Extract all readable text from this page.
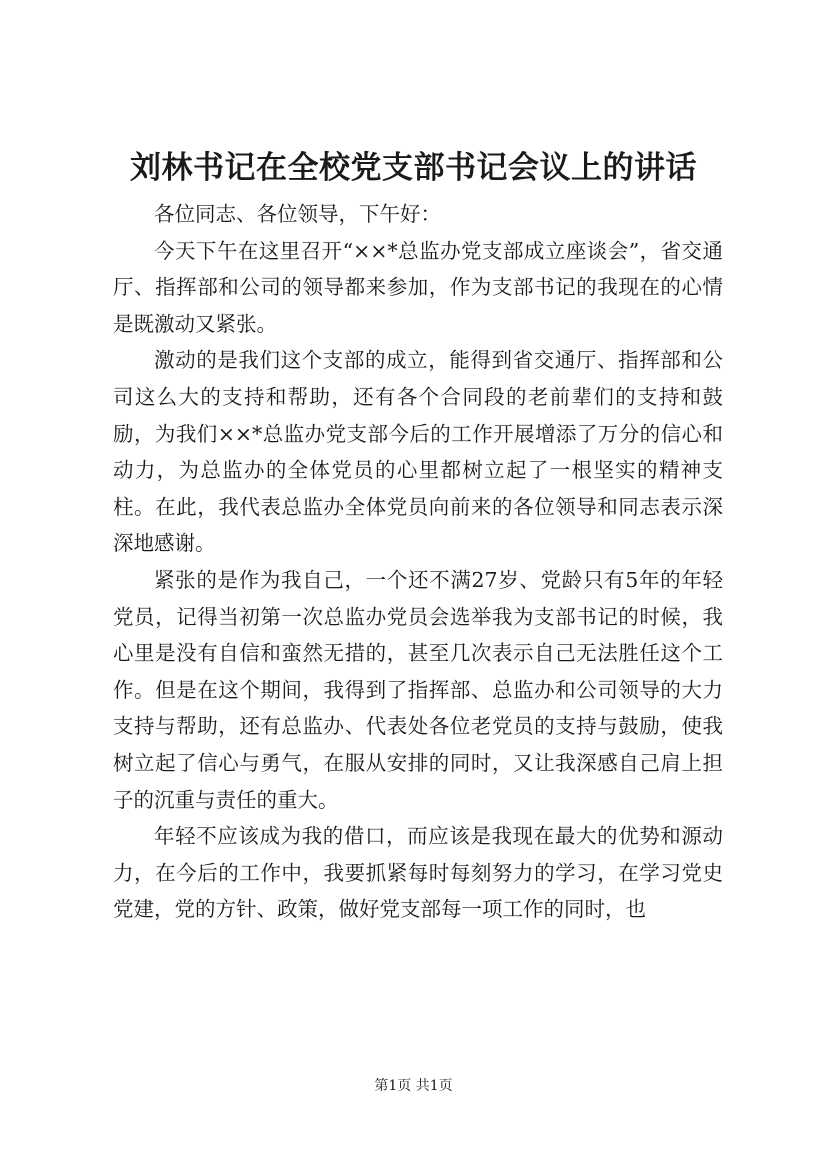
刘林书记在全校党支部书记会议上的讲话

各位同志、各位领导，下午好：

今天下午在这里召开“××*总监办党支部成立座谈会”，省交通厅、指挥部和公司的领导都来参加，作为支部书记的我现在的心情是既激动又紧张。

激动的是我们这个支部的成立，能得到省交通厅、指挥部和公司这么大的支持和帮助，还有各个合同段的老前辈们的支持和鼓励，为我们××*总监办党支部今后的工作开展增添了万分的信心和动力，为总监办的全体党员的心里都树立起了一根坚实的精神支柱。在此，我代表总监办全体党员向前来的各位领导和同志表示深深地感谢。

紧张的是作为我自己，一个还不满27岁、党龄只有5年的年轻党员，记得当初第一次总监办党员会选举我为支部书记的时候，我心里是没有自信和蛮然无措的，甚至几次表示自己无法胜任这个工作。但是在这个期间，我得到了指挥部、总监办和公司领导的大力支持与帮助，还有总监办、代表处各位老党员的支持与鼓励，使我树立起了信心与勇气，在服从安排的同时，又让我深感自己肩上担子的沉重与责任的重大。

年轻不应该成为我的借口，而应该是我现在最大的优势和源动力，在今后的工作中，我要抓紧每时每刻努力的学习，在学习党史党建，党的方针、政策，做好党支部每一项工作的同时，也

第1页 共1页
